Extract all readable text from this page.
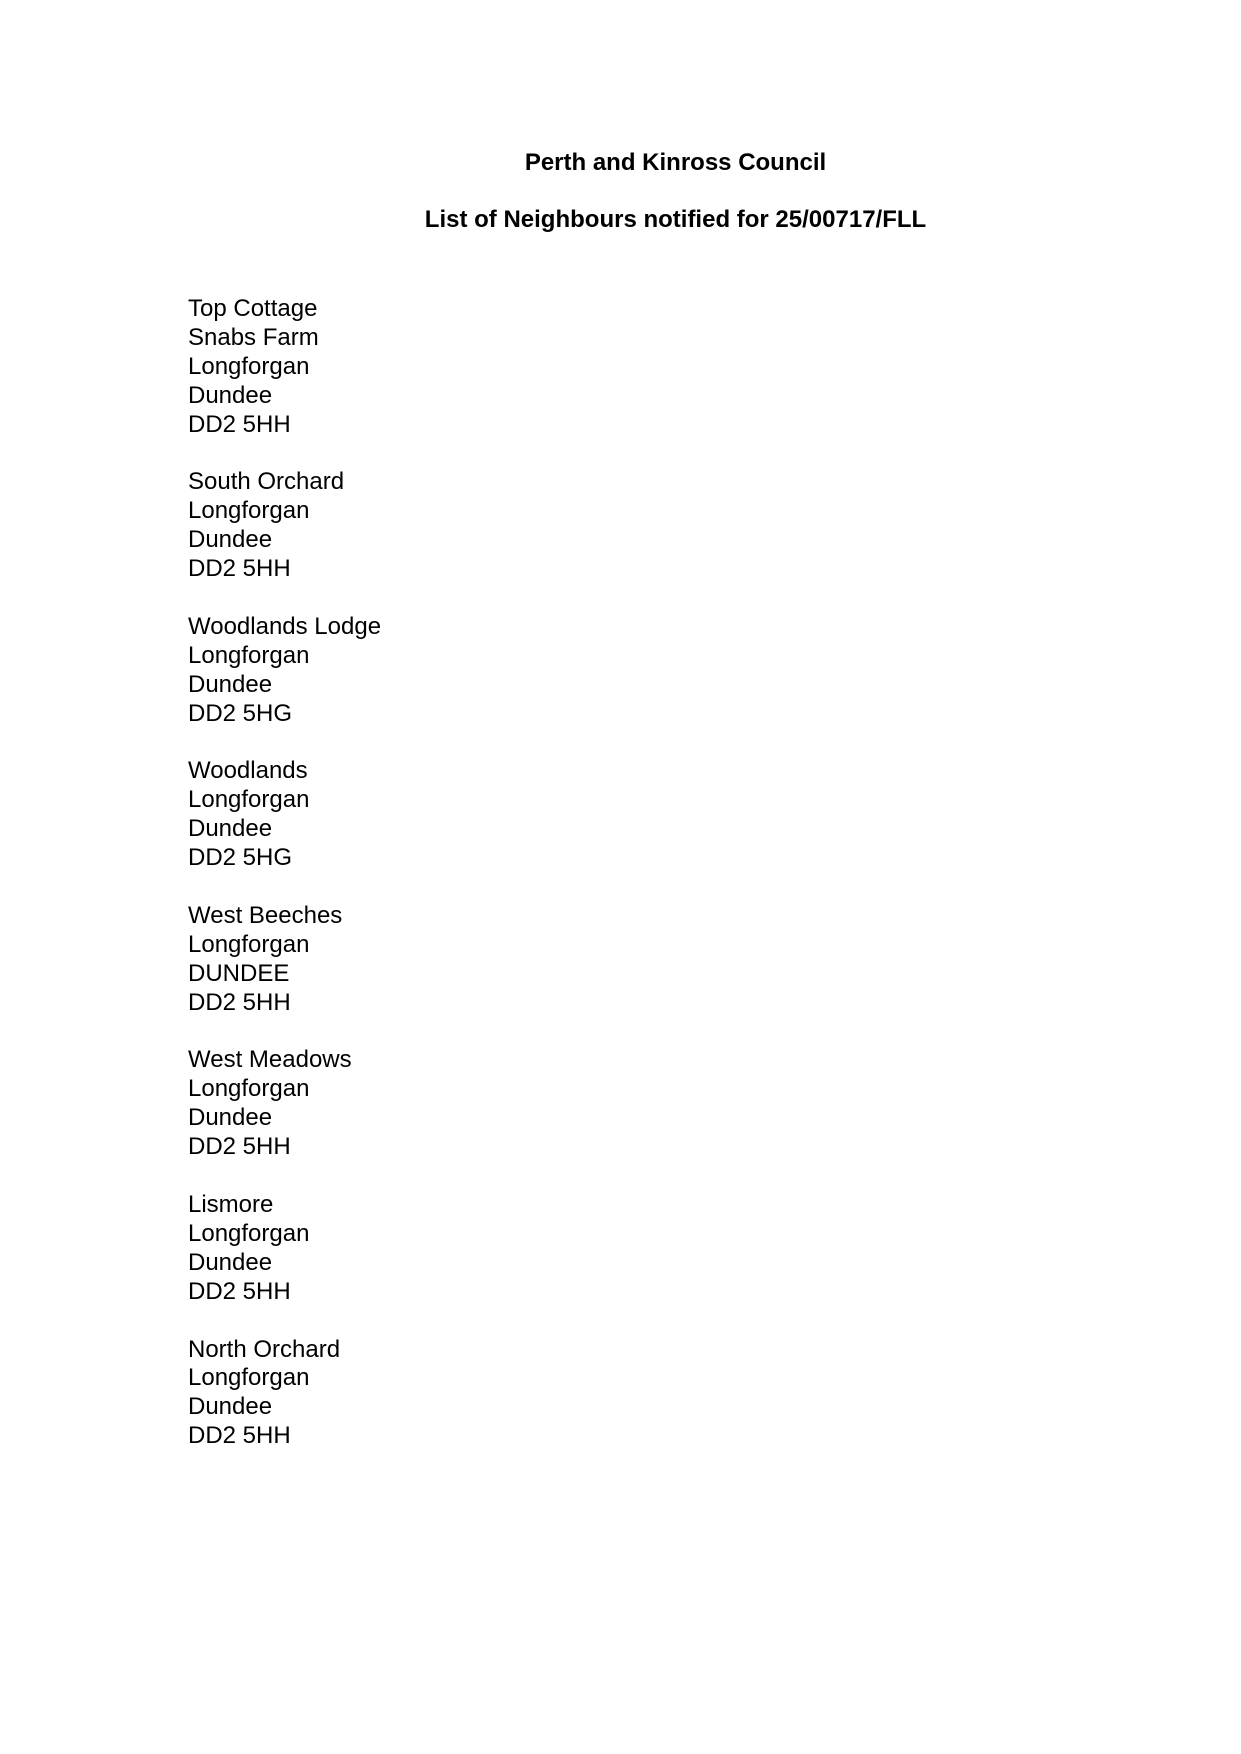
Perth and Kinross Council
List of Neighbours notified for 25/00717/FLL
Top Cottage
Snabs Farm
Longforgan
Dundee
DD2 5HH
South Orchard
Longforgan
Dundee
DD2 5HH
Woodlands Lodge
Longforgan
Dundee
DD2 5HG
Woodlands
Longforgan
Dundee
DD2 5HG
West Beeches
Longforgan
DUNDEE
DD2 5HH
West Meadows
Longforgan
Dundee
DD2 5HH
Lismore
Longforgan
Dundee
DD2 5HH
North Orchard
Longforgan
Dundee
DD2 5HH
